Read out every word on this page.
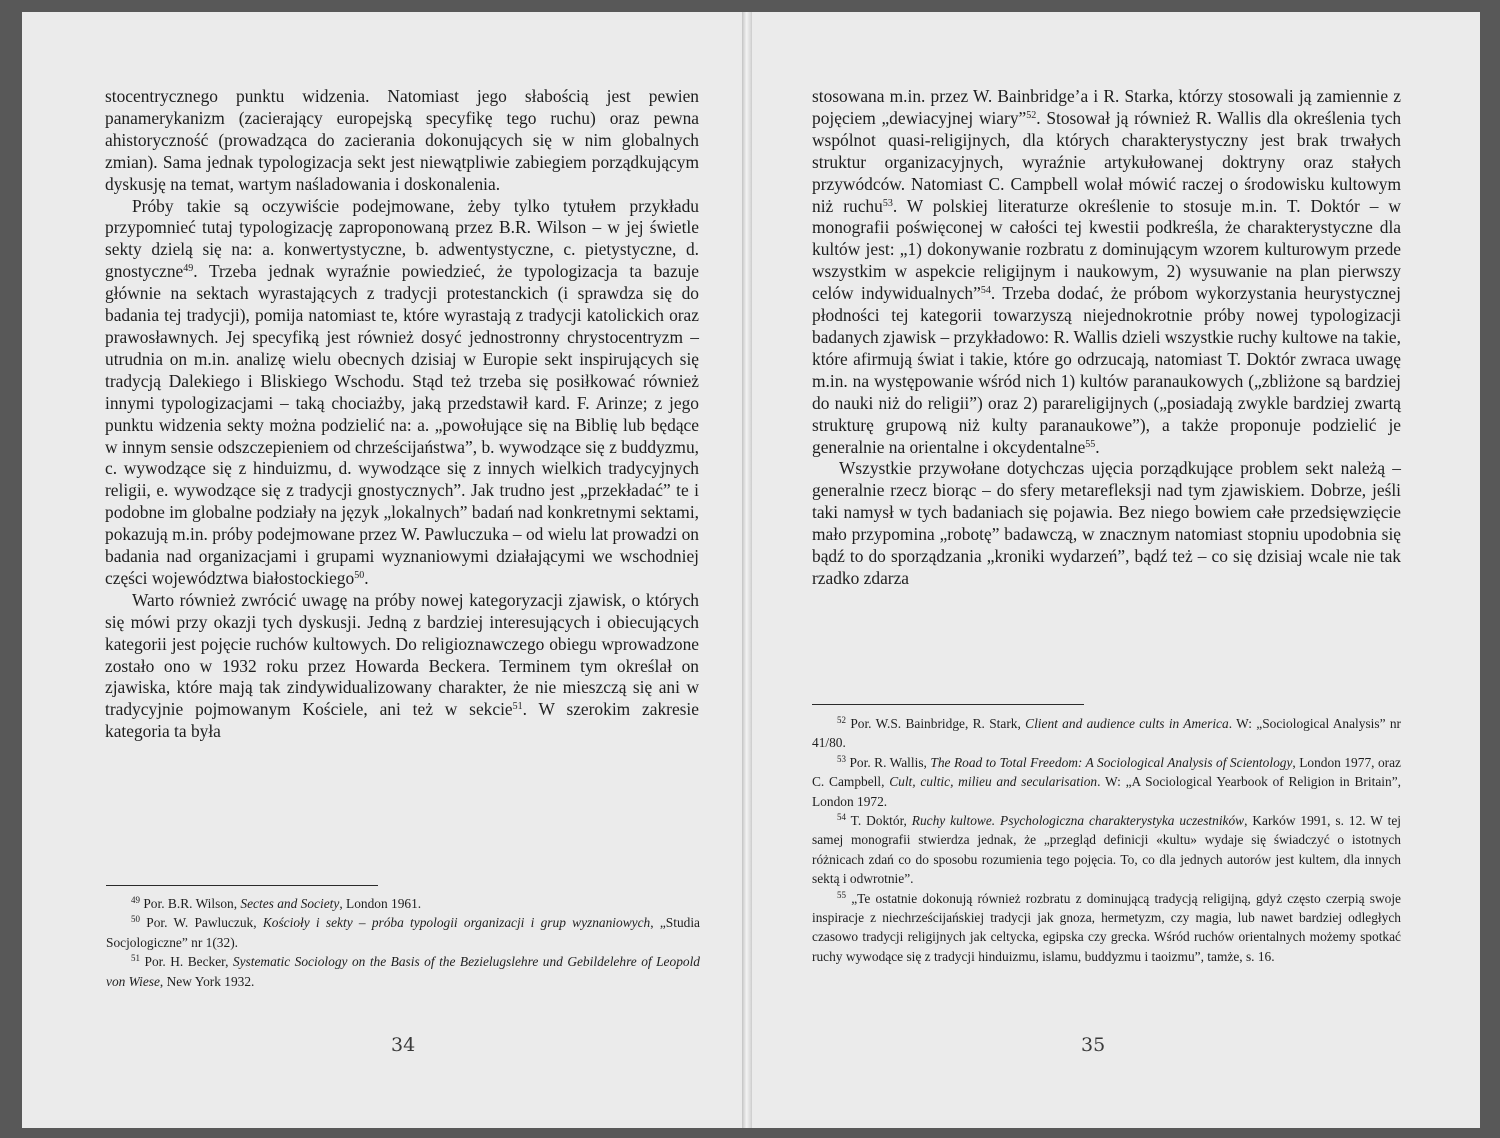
stocentrycznego punktu widzenia. Natomiast jego słabością jest pewien panamerykanizm (zacierający europejską specyfikę tego ruchu) oraz pewna ahistoryczność (prowadząca do zacierania dokonujących się w nim globalnych zmian). Sama jednak typologizacja sekt jest niewątpliwie zabiegiem porządkującym dyskusję na temat, wartym naśladowania i doskonalenia.

Próby takie są oczywiście podejmowane, żeby tylko tytułem przykładu przypomnieć tutaj typologizację zaproponowaną przez B.R. Wilson – w jej świetle sekty dzielą się na: a. konwertystyczne, b. adwentystyczne, c. pietystyczne, d. gnostyczne$^{49}$. Trzeba jednak wyraźnie powiedzieć, że typologizacja ta bazuje głównie na sektach wyrastających z tradycji protestanckich (i sprawdza się do badania tej tradycji), pomija natomiast te, które wyrastają z tradycji katolickich oraz prawosławnych. Jej specyfiką jest również dosyć jednostronny chrystocentryzm – utrudnia on m.in. analizę wielu obecnych dzisiaj w Europie sekt inspirujących się tradycją Dalekiego i Bliskiego Wschodu. Stąd też trzeba się posiłkować również innymi typologizacjami – taką chociażby, jaką przedstawił kard. F. Arinze; z jego punktu widzenia sekty można podzielić na: a. „powołujące się na Biblię lub będące w innym sensie odszczepieniem od chrześcijaństwa”, b. wywodzące się z buddyzmu, c. wywodzące się z hinduizmu, d. wywodzące się z innych wielkich tradycyjnych religii, e. wywodzące się z tradycji gnostycznych”. Jak trudno jest „przekładać” te i podobne im globalne podziały na język „lokalnych” badań nad konkretnymi sektami, pokazują m.in. próby podejmowane przez W. Pawluczuka – od wielu lat prowadzi on badania nad organizacjami i grupami wyznaniowymi działającymi we wschodniej części województwa białostockiego$^{50}$.

Warto również zwrócić uwagę na próby nowej kategoryzacji zjawisk, o których się mówi przy okazji tych dyskusji. Jedną z bardziej interesujących i obiecujących kategorii jest pojęcie ruchów kultowych. Do religioznawczego obiegu wprowadzone zostało ono w 1932 roku przez Howarda Beckera. Terminem tym określał on zjawiska, które mają tak zindywidualizowany charakter, że nie mieszczą się ani w tradycyjnie pojmowanym Kościele, ani też w sekcie$^{51}$. W szerokim zakresie kategoria ta była

$^{49}$ Por. B.R. Wilson, Sectes and Society, London 1961.

$^{50}$ Por. W. Pawluczuk, Kościoły i sekty – próba typologii organizacji i grup wyznaniowych, „Studia Socjologiczne” nr 1(32).

$^{51}$ Por. H. Becker, Systematic Sociology on the Basis of the Bezielugslehre und Gebildelehre of Leopold von Wiese, New York 1932.

34

stosowana m.in. przez W. Bainbridge’a i R. Starka, którzy stosowali ją zamiennie z pojęciem „dewiacyjnej wiary”$^{52}$. Stosował ją również R. Wallis dla określenia tych wspólnot quasi-religijnych, dla których charakterystyczny jest brak trwałych struktur organizacyjnych, wyraźnie artykułowanej doktryny oraz stałych przywódców. Natomiast C. Campbell wolał mówić raczej o środowisku kultowym niż ruchu$^{53}$. W polskiej literaturze określenie to stosuje m.in. T. Doktór – w monografii poświęconej w całości tej kwestii podkreśla, że charakterystyczne dla kultów jest: „1) dokonywanie rozbratu z dominującym wzorem kulturowym przede wszystkim w aspekcie religijnym i naukowym, 2) wysuwanie na plan pierwszy celów indywidualnych”$^{54}$. Trzeba dodać, że próbom wykorzystania heurystycznej płodności tej kategorii towarzyszą niejednokrotnie próby nowej typologizacji badanych zjawisk – przykładowo: R. Wallis dzieli wszystkie ruchy kultowe na takie, które afirmują świat i takie, które go odrzucają, natomiast T. Doktór zwraca uwagę m.in. na występowanie wśród nich 1) kultów paranaukowych („zbliżone są bardziej do nauki niż do religii”) oraz 2) parareligijnych („posiadają zwykle bardziej zwartą strukturę grupową niż kulty paranaukowe”), a także proponuje podzielić je generalnie na orientalne i okcydentalne$^{55}$.

Wszystkie przywołane dotychczas ujęcia porządkujące problem sekt należą – generalnie rzecz biorąc – do sfery metarefleksji nad tym zjawiskiem. Dobrze, jeśli taki namysł w tych badaniach się pojawia. Bez niego bowiem całe przedsięwzięcie mało przypomina „robotę” badawczą, w znacznym natomiast stopniu upodobnia się bądź to do sporządzania „kroniki wydarzeń”, bądź też – co się dzisiaj wcale nie tak rzadko zdarza

$^{52}$ Por. W.S. Bainbridge, R. Stark, Client and audience cults in America. W: „Sociological Analysis” nr 41/80.

$^{53}$ Por. R. Wallis, The Road to Total Freedom: A Sociological Analysis of Scientology, London 1977, oraz C. Campbell, Cult, cultic, milieu and secularisation. W: „A Sociological Yearbook of Religion in Britain”, London 1972.

$^{54}$ T. Doktór, Ruchy kultowe. Psychologiczna charakterystyka uczestników, Karków 1991, s. 12. W tej samej monografii stwierdza jednak, że „przegląd definicji «kultu» wydaje się świadczyć o istotnych różnicach zdań co do sposobu rozumienia tego pojęcia. To, co dla jednych autorów jest kultem, dla innych sektą i odwrotnie”.

$^{55}$ „Te ostatnie dokonują również rozbratu z dominującą tradycją religijną, gdyż często czerpią swoje inspiracje z niechrześcijańskiej tradycji jak gnoza, hermetyzm, czy magia, lub nawet bardziej odległych czasowo tradycji religijnych jak celtycka, egipska czy grecka. Wśród ruchów orientalnych możemy spotkać ruchy wywodące się z tradycji hinduizmu, islamu, buddyzmu i taoizmu”, tamże, s. 16.

35
